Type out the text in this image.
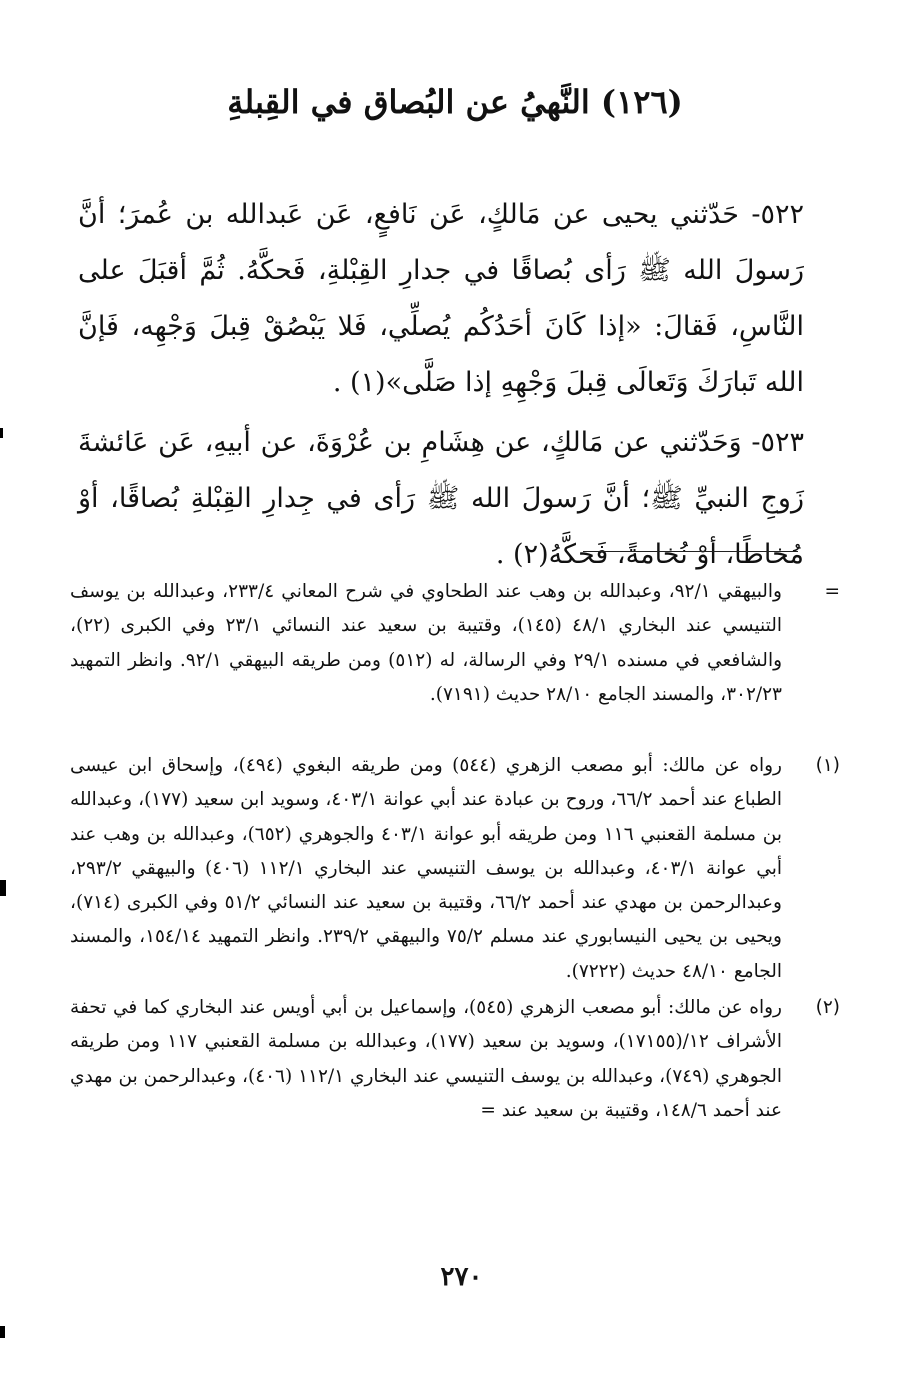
(١٢٦) النَّهيُ عن البُصاق في القِبلةِ

٥٢٢- حَدّثني يحيى عن مَالكٍ، عَن نَافعٍ، عَن عَبدالله بن عُمرَ؛ أنَّ رَسولَ الله ﷺ رَأى بُصاقًا في جدارِ القِبْلةِ، فَحكَّهُ. ثُمَّ أقبَلَ على النَّاسِ، فَقالَ: «إذا كَانَ أحَدُكُم يُصلِّي، فَلا يَبْصُقْ قِبلَ وَجْهِه، فَإنَّ الله تَبارَكَ وَتَعالَى قِبلَ وَجْهِهِ إذا صَلَّى»(١) .

٥٢٣- وَحَدّثني عن مَالكٍ، عن هِشَامِ بن عُرْوَةَ، عن أبيهِ، عَن عَائشةَ زَوجِ النبيِّ ﷺ؛ أنَّ رَسولَ الله ﷺ رَأى في جِدارِ القِبْلةِ بُصاقًا، أوْ مُخاطًا، أوْ نُخامةً، فَحكَّهُ(٢) .

=
والبيهقي ٩٢/١، وعبدالله بن وهب عند الطحاوي في شرح المعاني ٢٣٣/٤، وعبدالله بن يوسف التنيسي عند البخاري ٤٨/١ (١٤٥)، وقتيبة بن سعيد عند النسائي ٢٣/١ وفي الكبرى (٢٢)، والشافعي في مسنده ٢٩/١ وفي الرسالة، له (٥١٢) ومن طريقه البيهقي ٩٢/١. وانظر التمهيد ٣٠٢/٢٣، والمسند الجامع ٢٨/١٠ حديث (٧١٩١).

(١)
رواه عن مالك: أبو مصعب الزهري (٥٤٤) ومن طريقه البغوي (٤٩٤)، وإسحاق ابن عيسى الطباع عند أحمد ٦٦/٢، وروح بن عبادة عند أبي عوانة ٤٠٣/١، وسويد ابن سعيد (١٧٧)، وعبدالله بن مسلمة القعنبي ١١٦ ومن طريقه أبو عوانة ٤٠٣/١ والجوهري (٦٥٢)، وعبدالله بن وهب عند أبي عوانة ٤٠٣/١، وعبدالله بن يوسف التنيسي عند البخاري ١١٢/١ (٤٠٦) والبيهقي ٢٩٣/٢، وعبدالرحمن بن مهدي عند أحمد ٦٦/٢، وقتيبة بن سعيد عند النسائي ٥١/٢ وفي الكبرى (٧١٤)، ويحيى بن يحيى النيسابوري عند مسلم ٧٥/٢ والبيهقي ٢٣٩/٢. وانظر التمهيد ١٥٤/١٤، والمسند الجامع ٤٨/١٠ حديث (٧٢٢٢).

(٢)
رواه عن مالك: أبو مصعب الزهري (٥٤٥)، وإسماعيل بن أبي أويس عند البخاري كما في تحفة الأشراف ١٢/(١٧١٥٥)، وسويد بن سعيد (١٧٧)، وعبدالله بن مسلمة القعنبي ١١٧ ومن طريقه الجوهري (٧٤٩)، وعبدالله بن يوسف التنيسي عند البخاري ١١٢/١ (٤٠٦)، وعبدالرحمن بن مهدي عند أحمد ١٤٨/٦، وقتيبة بن سعيد عند =

٢٧٠
